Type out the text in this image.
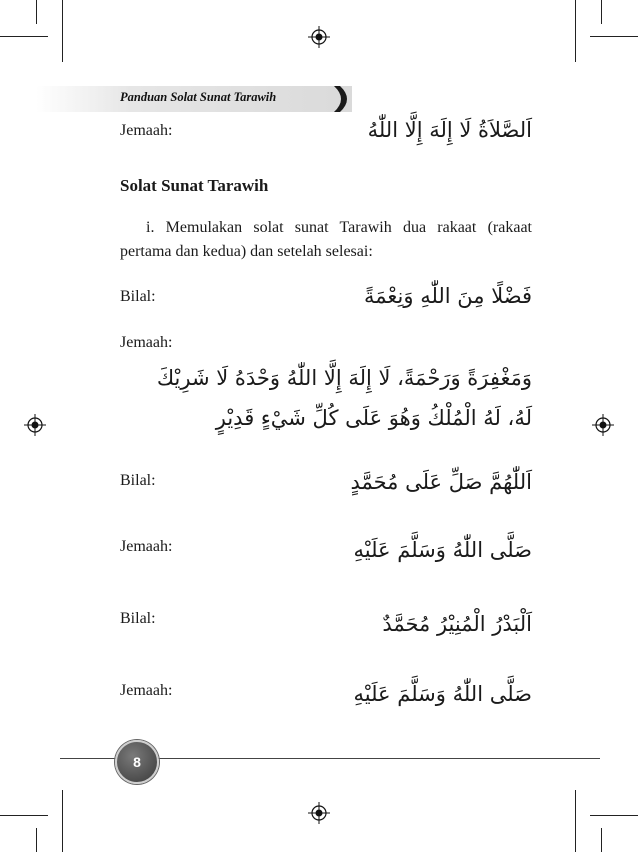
Panduan Solat Sunat Tarawih
Jemaah:	اَلصَّلاَةُ لَا إِلَهَ إِلَّا اللّٰهُ
Solat Sunat Tarawih
i. Memulakan solat sunat Tarawih dua rakaat (rakaat pertama dan kedua) dan setelah selesai:
Bilal:	فَضْلًا مِنَ اللّٰهِ وَنِعْمَةً
Jemaah:
وَمَغْفِرَةً وَرَحْمَةً، لَا إِلَهَ إِلَّا اللّٰهُ وَحْدَهُ لَا شَرِيْكَ
لَهُ، لَهُ الْمُلْكُ وَهُوَ عَلَى كُلِّ شَيْءٍ قَدِيْرٍ
Bilal:	اَللّٰهُمَّ صَلِّ عَلَى مُحَمَّدٍ
Jemaah:	صَلَّى اللّٰهُ وَسَلَّمَ عَلَيْهِ
Bilal:	اَلْبَدْرُ الْمُنِيْرُ مُحَمَّدٌ
Jemaah:	صَلَّى اللّٰهُ وَسَلَّمَ عَلَيْهِ
8
